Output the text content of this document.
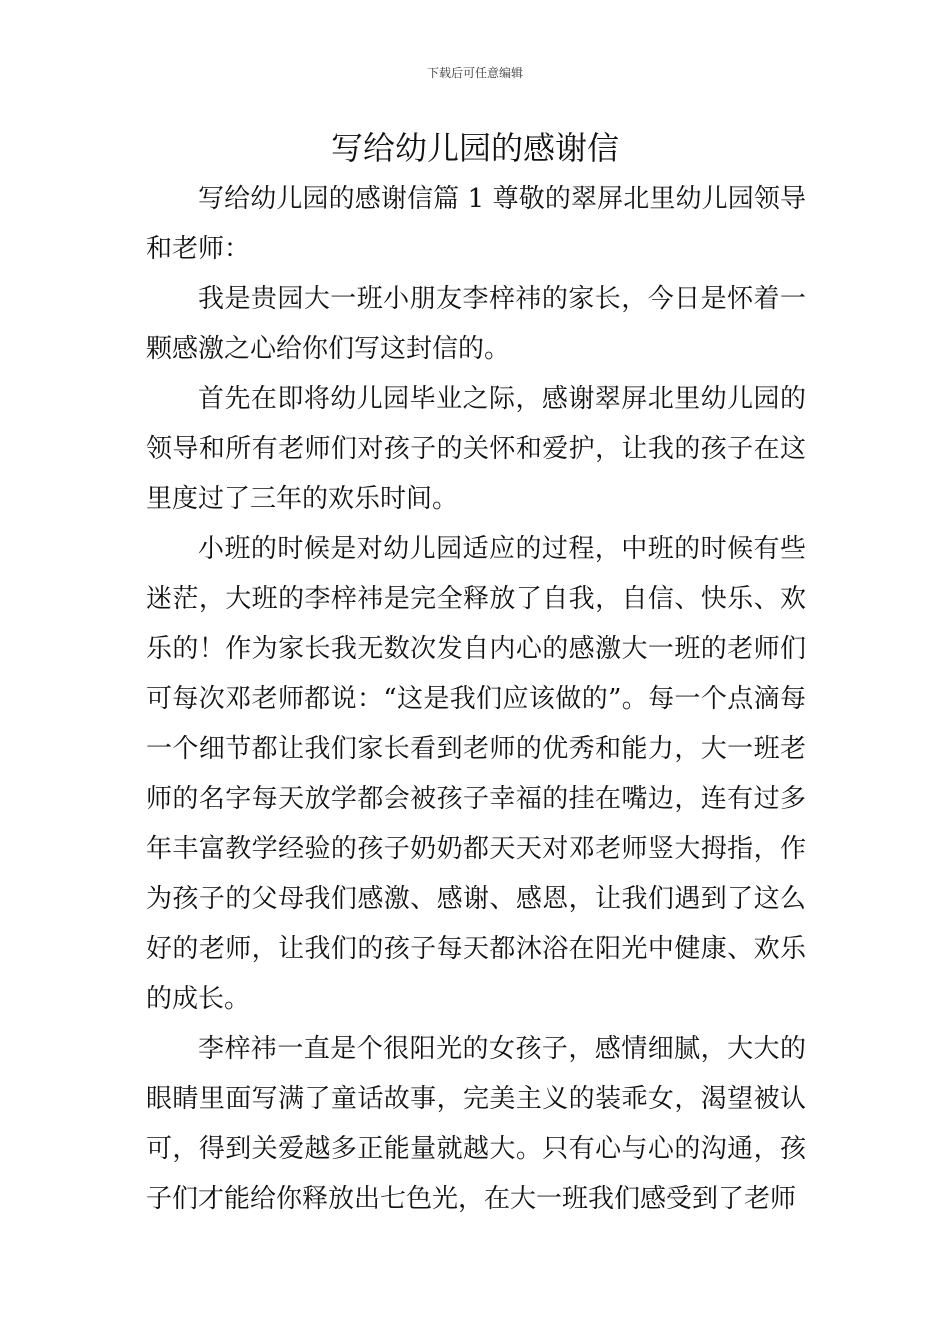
下载后可任意编辑
写给幼儿园的感谢信

写给幼儿园的感谢信篇 1 尊敬的翠屏北里幼儿园领导和老师：

我是贵园大一班小朋友李梓祎的家长，今日是怀着一颗感激之心给你们写这封信的。

首先在即将幼儿园毕业之际，感谢翠屏北里幼儿园的领导和所有老师们对孩子的关怀和爱护，让我的孩子在这里度过了三年的欢乐时间。

小班的时候是对幼儿园适应的过程，中班的时候有些迷茫，大班的李梓祎是完全释放了自我，自信、快乐、欢乐的！作为家长我无数次发自内心的感激大一班的老师们可每次邓老师都说：“这是我们应该做的”。每一个点滴每一个细节都让我们家长看到老师的优秀和能力，大一班老师的名字每天放学都会被孩子幸福的挂在嘴边，连有过多年丰富教学经验的孩子奶奶都天天对邓老师竖大拇指，作为孩子的父母我们感激、感谢、感恩，让我们遇到了这么好的老师，让我们的孩子每天都沐浴在阳光中健康、欢乐的成长。

李梓祎一直是个很阳光的女孩子，感情细腻，大大的眼睛里面写满了童话故事，完美主义的装乖女，渴望被认可，得到关爱越多正能量就越大。只有心与心的沟通，孩子们才能给你释放出七色光，在大一班我们感受到了老师
